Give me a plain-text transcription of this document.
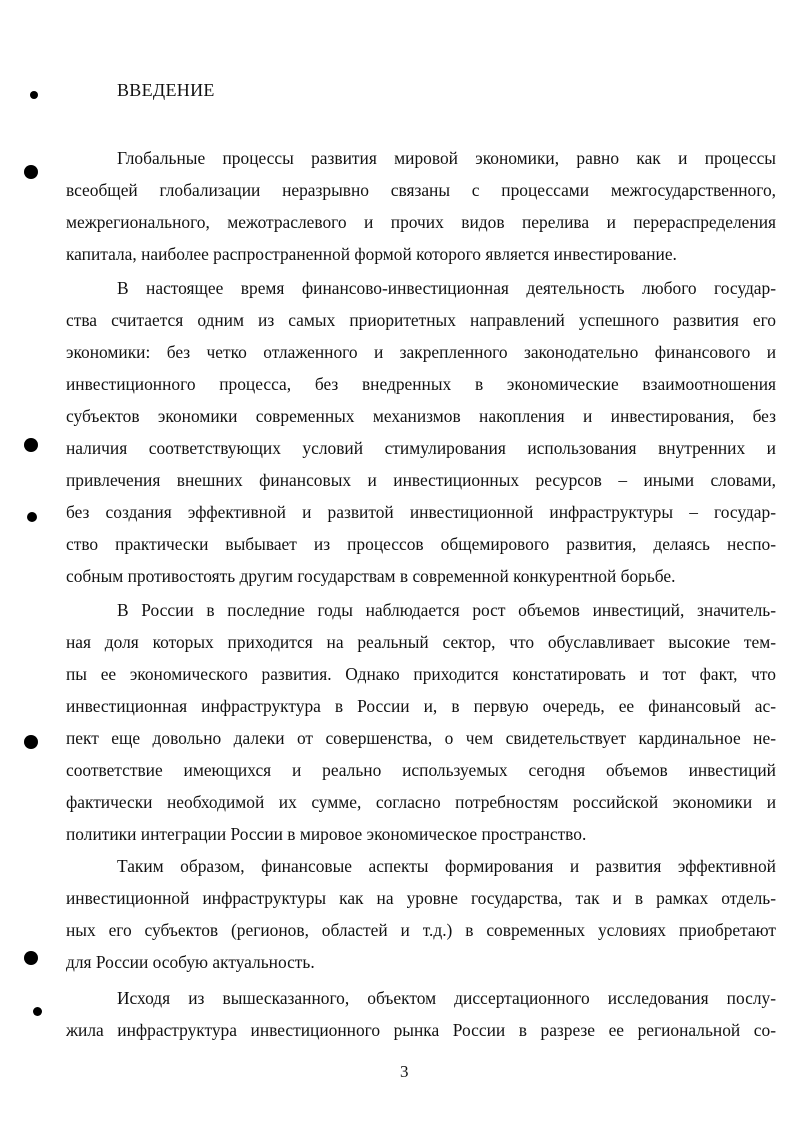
ВВЕДЕНИЕ
Глобальные процессы развития мировой экономики, равно как и процессы
всеобщей глобализации неразрывно связаны с процессами межгосударственного,
межрегионального, межотраслевого и прочих видов перелива и перераспределения
капитала, наиболее распространенной формой которого является инвестирование.
В настоящее время финансово-инвестиционная деятельность любого государ-
ства считается одним из самых приоритетных направлений успешного развития его
экономики: без четко отлаженного и закрепленного законодательно финансового и
инвестиционного процесса, без внедренных в экономические взаимоотношения
субъектов экономики современных механизмов накопления и инвестирования, без
наличия соответствующих условий стимулирования использования внутренних и
привлечения внешних финансовых и инвестиционных ресурсов – иными словами,
без создания эффективной и развитой инвестиционной инфраструктуры – государ-
ство практически выбывает из процессов общемирового развития, делаясь неспо-
собным противостоять другим государствам в современной конкурентной борьбе.
В России в последние годы наблюдается рост объемов инвестиций, значитель-
ная доля которых приходится на реальный сектор, что обуславливает высокие тем-
пы ее экономического развития. Однако приходится констатировать и тот факт, что
инвестиционная инфраструктура в России и, в первую очередь, ее финансовый ас-
пект еще довольно далеки от совершенства, о чем свидетельствует кардинальное не-
соответствие имеющихся и реально используемых сегодня объемов инвестиций
фактически необходимой их сумме, согласно потребностям российской экономики и
политики интеграции России в мировое экономическое пространство.
Таким образом, финансовые аспекты формирования и развития эффективной
инвестиционной инфраструктуры как на уровне государства, так и в рамках отдель-
ных его субъектов (регионов, областей и т.д.) в современных условиях приобретают
для России особую актуальность.
Исходя из вышесказанного, объектом диссертационного исследования послу-
жила инфраструктура инвестиционного рынка России в разрезе ее региональной со-
3
